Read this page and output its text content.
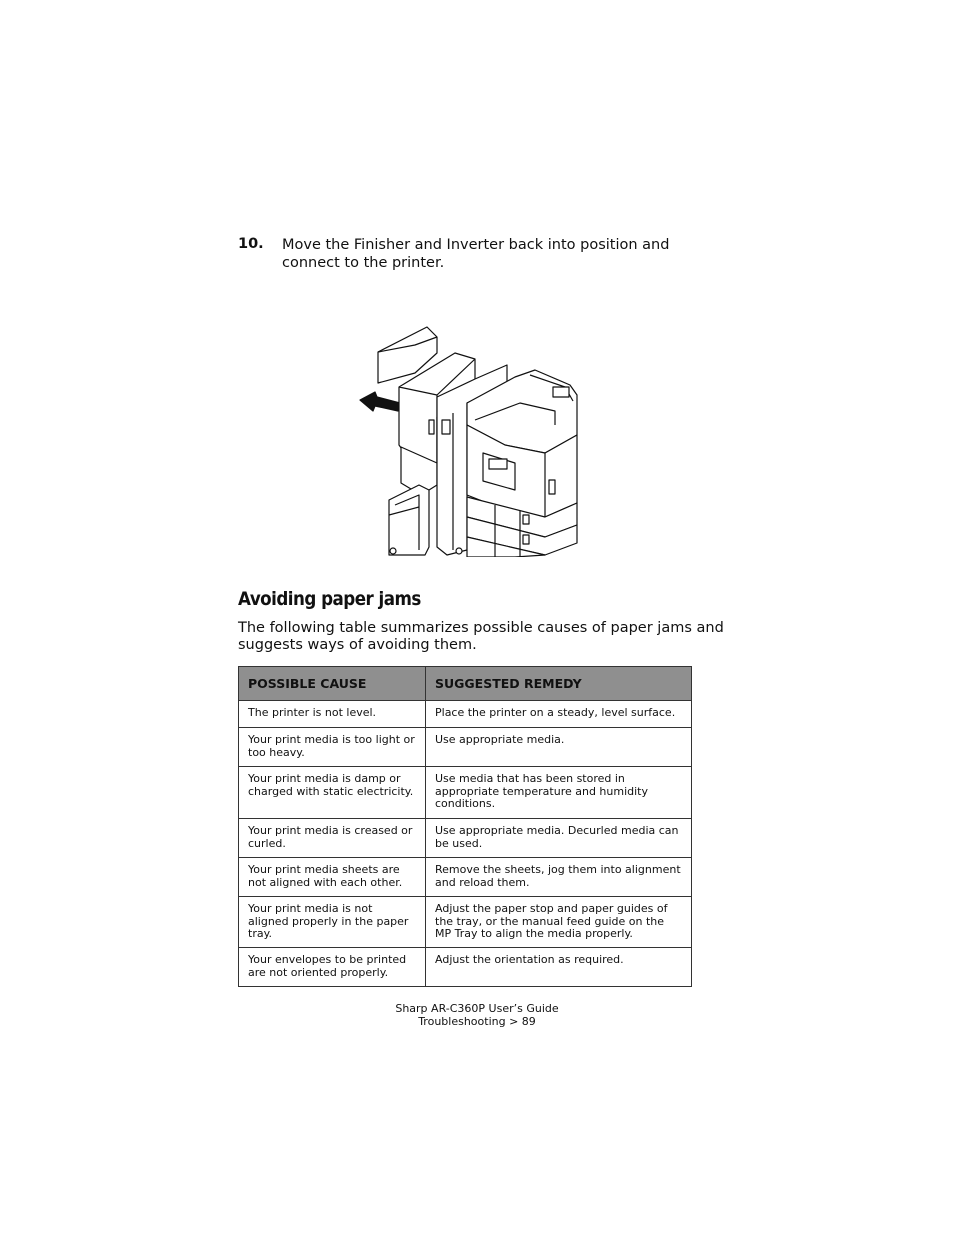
10. Move the Finisher and Inverter back into position and connect to the printer.
Avoiding paper jams

The following table summarizes possible causes of paper jams and suggests ways of avoiding them.

POSSIBLE CAUSE	SUGGESTED REMEDY
The printer is not level.	Place the printer on a steady, level surface.
Your print media is too light or too heavy.	Use appropriate media.
Your print media is damp or charged with static electricity.	Use media that has been stored in appropriate temperature and humidity conditions.
Your print media is creased or curled.	Use appropriate media. Decurled media can be used.
Your print media sheets are not aligned with each other.	Remove the sheets, jog them into alignment and reload them.
Your print media is not aligned properly in the paper tray.	Adjust the paper stop and paper guides of the tray, or the manual feed guide on the MP Tray to align the media properly.
Your envelopes to be printed are not oriented properly.	Adjust the orientation as required.
Sharp AR-C360P User’s Guide
Troubleshooting > 89
